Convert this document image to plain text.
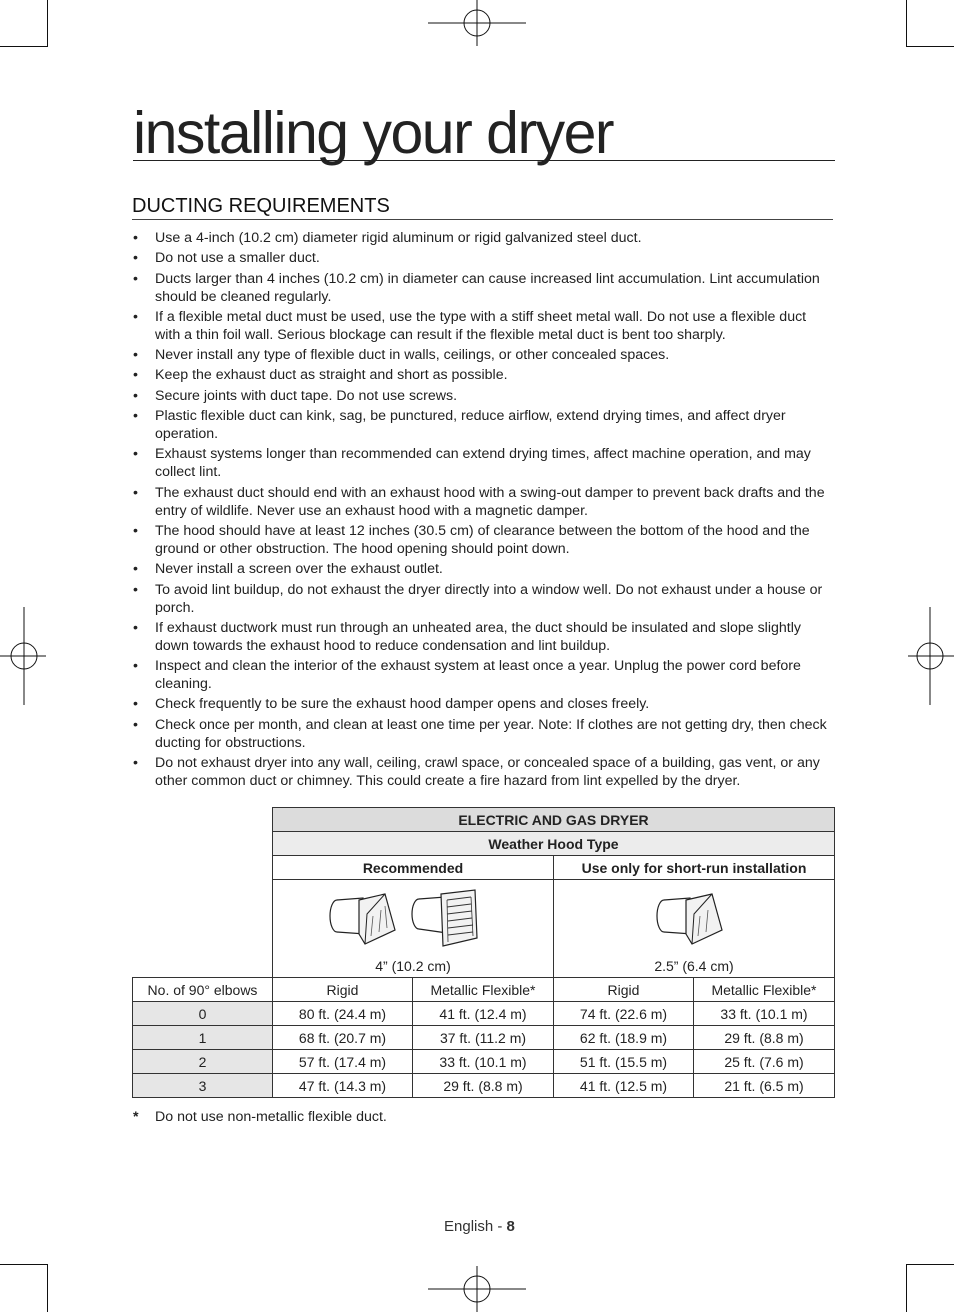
installing your dryer
DUCTING REQUIREMENTS
• Use a 4-inch (10.2 cm) diameter rigid aluminum or rigid galvanized steel duct.
• Do not use a smaller duct.
• Ducts larger than 4 inches (10.2 cm) in diameter can cause increased lint accumulation. Lint accumulation should be cleaned regularly.
• If a flexible metal duct must be used, use the type with a stiff sheet metal wall. Do not use a flexible duct with a thin foil wall. Serious blockage can result if the flexible metal duct is bent too sharply.
• Never install any type of flexible duct in walls, ceilings, or other concealed spaces.
• Keep the exhaust duct as straight and short as possible.
• Secure joints with duct tape. Do not use screws.
• Plastic flexible duct can kink, sag, be punctured, reduce airflow, extend drying times, and affect dryer operation.
• Exhaust systems longer than recommended can extend drying times, affect machine operation, and may collect lint.
• The exhaust duct should end with an exhaust hood with a swing-out damper to prevent back drafts and the entry of wildlife. Never use an exhaust hood with a magnetic damper.
• The hood should have at least 12 inches (30.5 cm) of clearance between the bottom of the hood and the ground or other obstruction. The hood opening should point down.
• Never install a screen over the exhaust outlet.
• To avoid lint buildup, do not exhaust the dryer directly into a window well. Do not exhaust under a house or porch.
• If exhaust ductwork must run through an unheated area, the duct should be insulated and slope slightly down towards the exhaust hood to reduce condensation and lint buildup.
• Inspect and clean the interior of the exhaust system at least once a year. Unplug the power cord before cleaning.
• Check frequently to be sure the exhaust hood damper opens and closes freely.
• Check once per month, and clean at least one time per year. Note: If clothes are not getting dry, then check ducting for obstructions.
• Do not exhaust dryer into any wall, ceiling, crawl space, or concealed space of a building, gas vent, or any other common duct or chimney. This could create a fire hazard from lint expelled by the dryer.
	ELECTRIC AND GAS DRYER			
	Weather Hood Type			
	Recommended		Use only for short-run installation	

	4” (10.2 cm)		2.5” (6.4 cm)	

No. of 90° elbows	Rigid	Metallic Flexible*	Rigid	Metallic Flexible*
0	80 ft. (24.4 m)	41 ft. (12.4 m)	74 ft. (22.6 m)	33 ft. (10.1 m)
1	68 ft. (20.7 m)	37 ft. (11.2 m)	62 ft. (18.9 m)	29 ft. (8.8 m)
2	57 ft. (17.4 m)	33 ft. (10.1 m)	51 ft. (15.5 m)	25 ft. (7.6 m)
3	47 ft. (14.3 m)	29 ft. (8.8 m)	41 ft. (12.5 m)	21 ft. (6.5 m)
* Do not use non-metallic flexible duct.
English - 8
